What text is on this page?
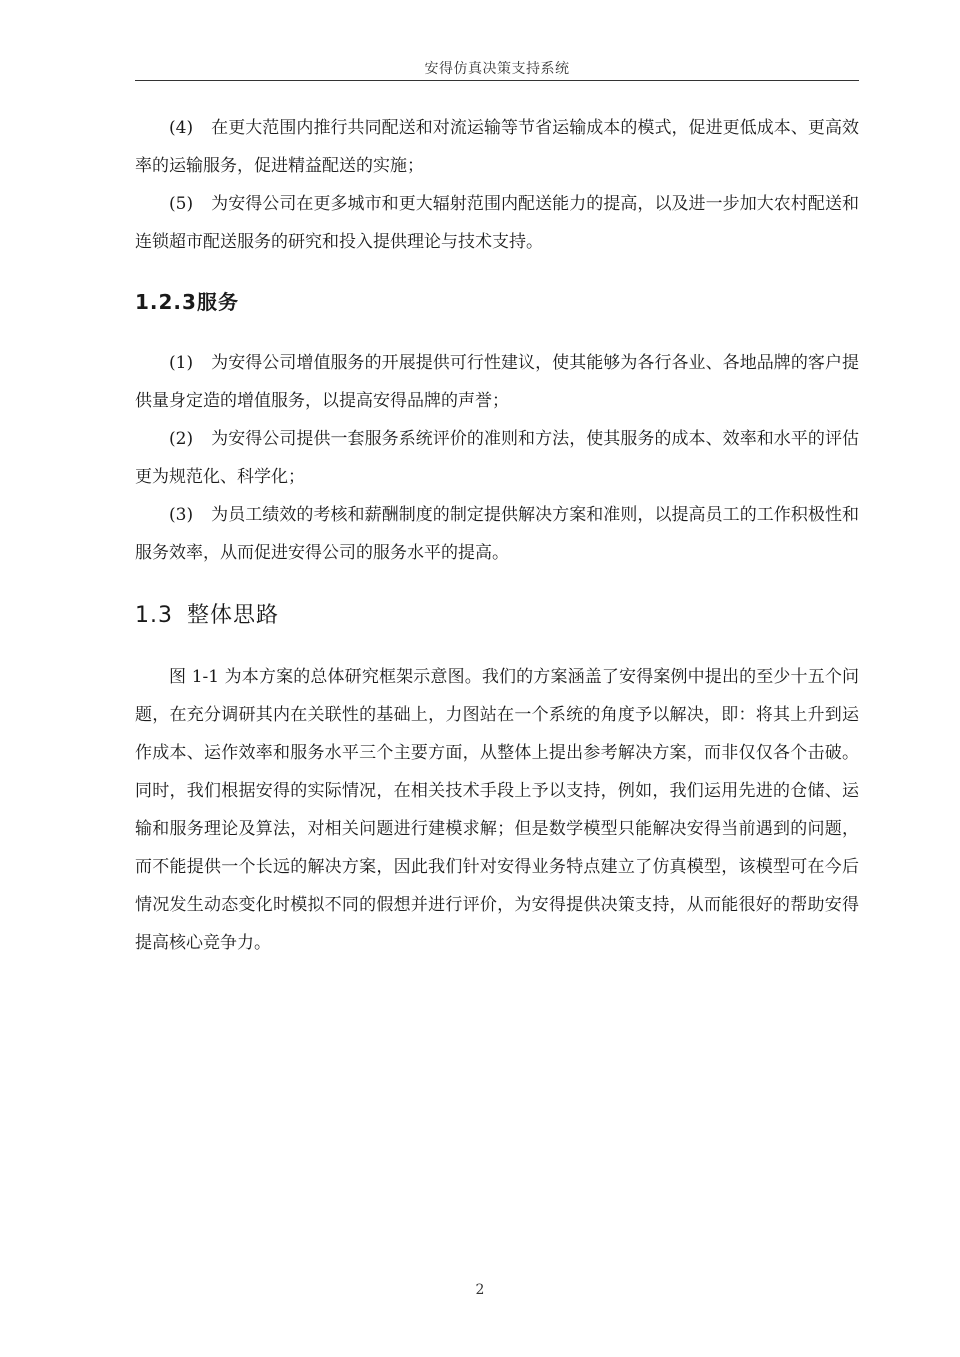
安得仿真决策支持系统

(4) 在更大范围内推行共同配送和对流运输等节省运输成本的模式，促进更低成本、更高效率的运输服务，促进精益配送的实施；

(5) 为安得公司在更多城市和更大辐射范围内配送能力的提高，以及进一步加大农村配送和连锁超市配送服务的研究和投入提供理论与技术支持。

1.2.3服务

(1) 为安得公司增值服务的开展提供可行性建议，使其能够为各行各业、各地品牌的客户提供量身定造的增值服务，以提高安得品牌的声誉；

(2) 为安得公司提供一套服务系统评价的准则和方法，使其服务的成本、效率和水平的评估更为规范化、科学化；

(3) 为员工绩效的考核和薪酬制度的制定提供解决方案和准则，以提高员工的工作积极性和服务效率，从而促进安得公司的服务水平的提高。

1.3 整体思路

图 1-1 为本方案的总体研究框架示意图。我们的方案涵盖了安得案例中提出的至少十五个问题，在充分调研其内在关联性的基础上，力图站在一个系统的角度予以解决，即：将其上升到运作成本、运作效率和服务水平三个主要方面，从整体上提出参考解决方案，而非仅仅各个击破。同时，我们根据安得的实际情况，在相关技术手段上予以支持，例如，我们运用先进的仓储、运输和服务理论及算法，对相关问题进行建模求解；但是数学模型只能解决安得当前遇到的问题，而不能提供一个长远的解决方案，因此我们针对安得业务特点建立了仿真模型，该模型可在今后情况发生动态变化时模拟不同的假想并进行评价，为安得提供决策支持，从而能很好的帮助安得提高核心竞争力。

2
